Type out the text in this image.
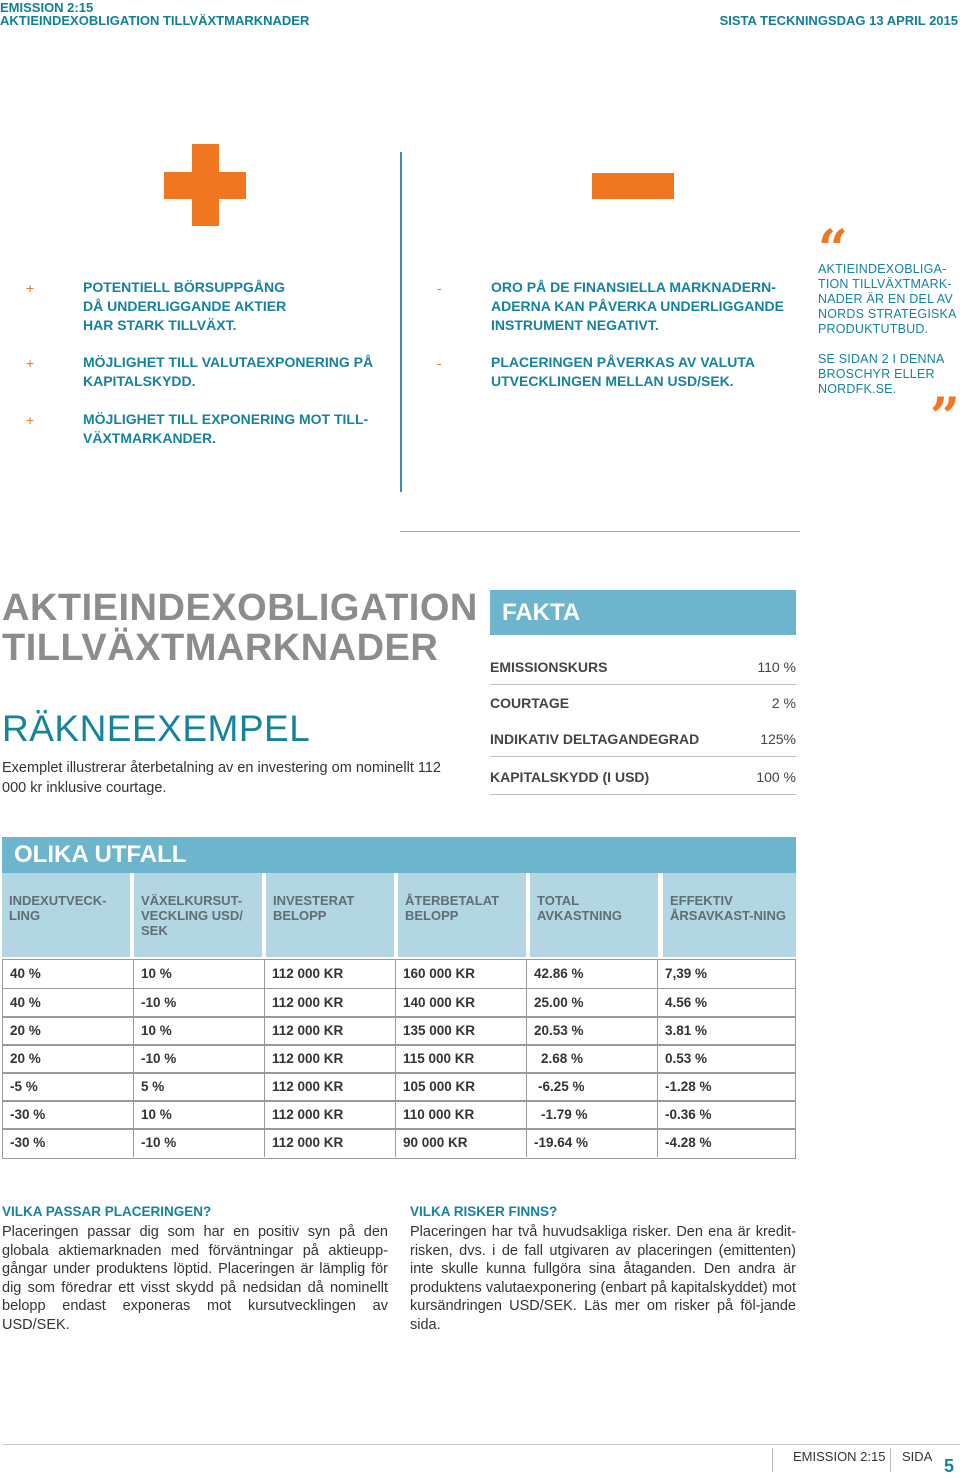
EMISSION 2:15
AKTIEINDEXOBLIGATION TILLVÄXTMARKNADER	SISTA TECKNINGSDAG 13 APRIL 2015
+	POTENTIELL BÖRSUPPGÅNG DÅ UNDERLIGGANDE AKTIER HAR STARK TILLVÄXT.
+	MÖJLIGHET TILL VALUTAEXPONERING PÅ KAPITALSKYDD.
+	MÖJLIGHET TILL EXPONERING MOT TILL-VÄXTMARKANDER.
-	ORO PÅ DE FINANSIELLA MARKNADERN-ADERNA KAN PÅVERKA UNDERLIGGANDE INSTRUMENT NEGATIVT.
-	PLACERINGEN PÅVERKAS AV VALUTA UTVECKLINGEN MELLAN USD/SEK.
“
AKTIEINDEXOBLIGA-TION TILLVÄXTMARK-NADER ÄR EN DEL AV NORDS STRATEGISKA PRODUKTUTBUD.
SE SIDAN 2 I DENNA BROSCHYR ELLER NORDFK.SE. ”
AKTIEINDEXOBLIGATION
TILLVÄXTMARKNADER
RÄKNEEXEMPEL
Exemplet illustrerar återbetalning av en investering om nominellt 112 000 kr inklusive courtage.
FAKTA
EMISSIONSKURS	110 %
COURTAGE	2 %
INDIKATIV DELTAGANDEGRAD	125%
KAPITALSKYDD (I USD)	100 %
OLIKA UTFALL
INDEXUTVECK-LING
VÄXELKURSUT-VECKLING USD/ SEK
INVESTERAT BELOPP
ÅTERBETALAT BELOPP
TOTAL AVKASTNING
EFFEKTIV ÅRSAVKAST-NING
40 %	10 %	112 000 KR	160 000 KR	42.86 %	7,39 %
40 %	-10 %	112 000 KR	140 000 KR	25.00 %	4.56 %
20 %	10 %	112 000 KR	135 000 KR	20.53 %	3.81 %
20 %	-10 %	112 000 KR	115 000 KR	2.68 %	0.53 %
-5 %	5 %	112 000 KR	105 000 KR	-6.25 %	-1.28 %
-30 %	10 %	112 000 KR	110 000 KR	-1.79 %	-0.36 %
-30 %	-10 %	112 000 KR	90 000 KR	-19.64 %	-4.28 %
VILKA PASSAR PLACERINGEN?
Placeringen passar dig som har en positiv syn på den globala aktiemarknaden med förväntningar på aktieupp-gångar under produktens löptid. Placeringen är lämplig för dig som föredrar ett visst skydd på nedsidan då nominellt belopp endast exponeras mot kursutvecklingen av USD/SEK.
VILKA RISKER FINNS?
Placeringen har två huvudsakliga risker. Den ena är kredit-risken, dvs. i de fall utgivaren av placeringen (emittenten) inte skulle kunna fullgöra sina åtaganden. Den andra är produktens valutaexponering (enbart på kapitalskyddet) mot kursändringen USD/SEK. Läs mer om risker på föl-jande sida.
EMISSION 2:15 SIDA 5
